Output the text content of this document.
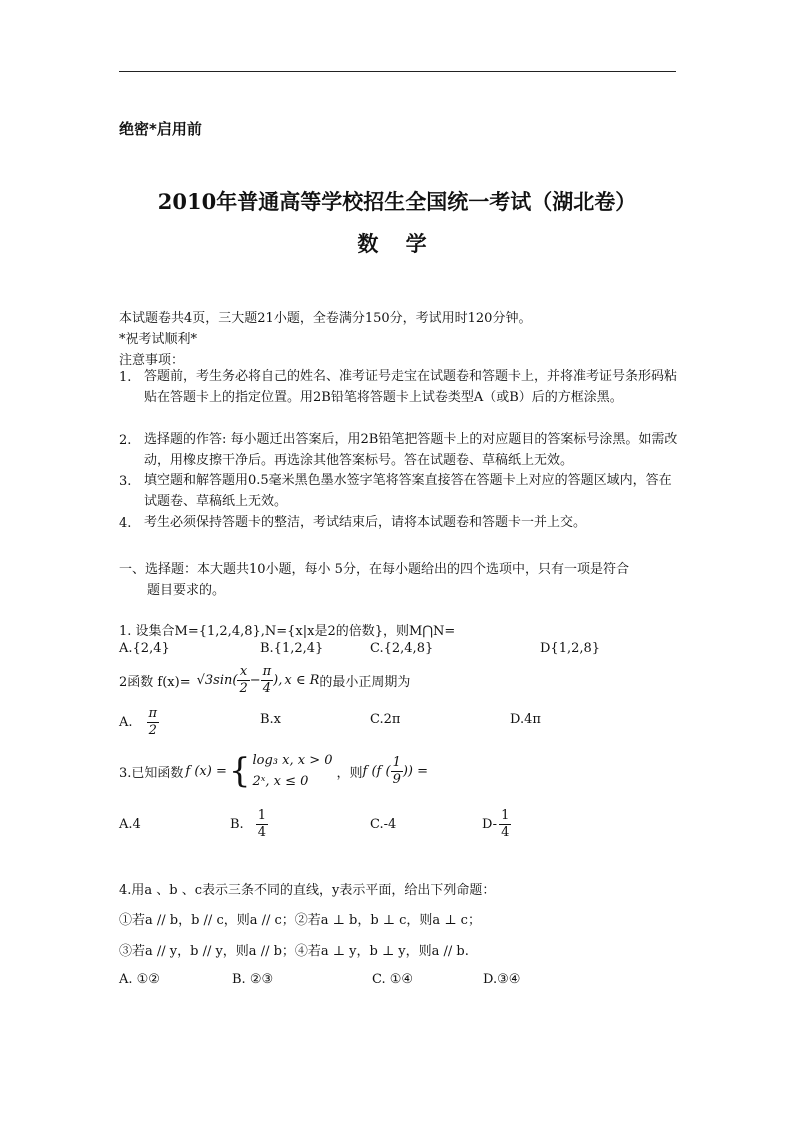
绝密*启用前
2010年普通高等学校招生全国统一考试（湖北卷）
数 学
本试题卷共4页，三大题21小题，全卷满分150分，考试用时120分钟。
*祝考试顺利*
注意事项：
1. 答题前，考生务必将自己的姓名、准考证号走宝在试题卷和答题卡上，并将准考证号条形码粘贴在答题卡上的指定位置。用2B铅笔将答题卡上试卷类型A（或B）后的方框涂黑。
2. 选择题的作答: 每小题迁出答案后，用2B铅笔把答题卡上的对应题目的答案标号涂黑。如需改动，用橡皮擦干净后。再选涂其他答案标号。答在试题卷、草稿纸上无效。
3. 填空题和解答题用0.5毫米黑色墨水签字笔将答案直接答在答题卡上对应的答题区域内，答在试题卷、草稿纸上无效。
4. 考生必须保持答题卡的整洁，考试结束后，请将本试题卷和答题卡一并上交。
一、选择题：本大题共10小题，每小 5分，在每小题给出的四个选项中，只有一项是符合
题目要求的。
1. 设集合M={1,2,4,8},N={x|x是2的倍数}，则M⋂N=
A.{2,4}	B.{1,2,4}	C.{2,4,8}	D{1,2,8}
2函数 f(x)= √3 $\sin( \frac{x}{2} - \frac{\pi}{4}$ ), x ∈ R 的最小正周期为
A. $\frac{\pi}{2}$	B.x	C.2π	D.4π
3.已知函数 f (x) = { log₃ x, x > 0
2ˣ, x ≤ 0
，则 f (f ( $\frac{1}{9}$ )) =
A.4	B. $\frac{1}{4}$	C.-4	$D- \frac{1}{4}$
4.用a 、b 、c表示三条不同的直线，y表示平面，给出下列命题：
①若a // b，b // c，则a // c；②若a ⊥ b，b ⊥ c，则a ⊥ c；
③若a // y，b // y，则a // b；④若a ⊥ y，b ⊥ y，则a // b.
A. ①②	B. ②③	C. ①④	D.③④
